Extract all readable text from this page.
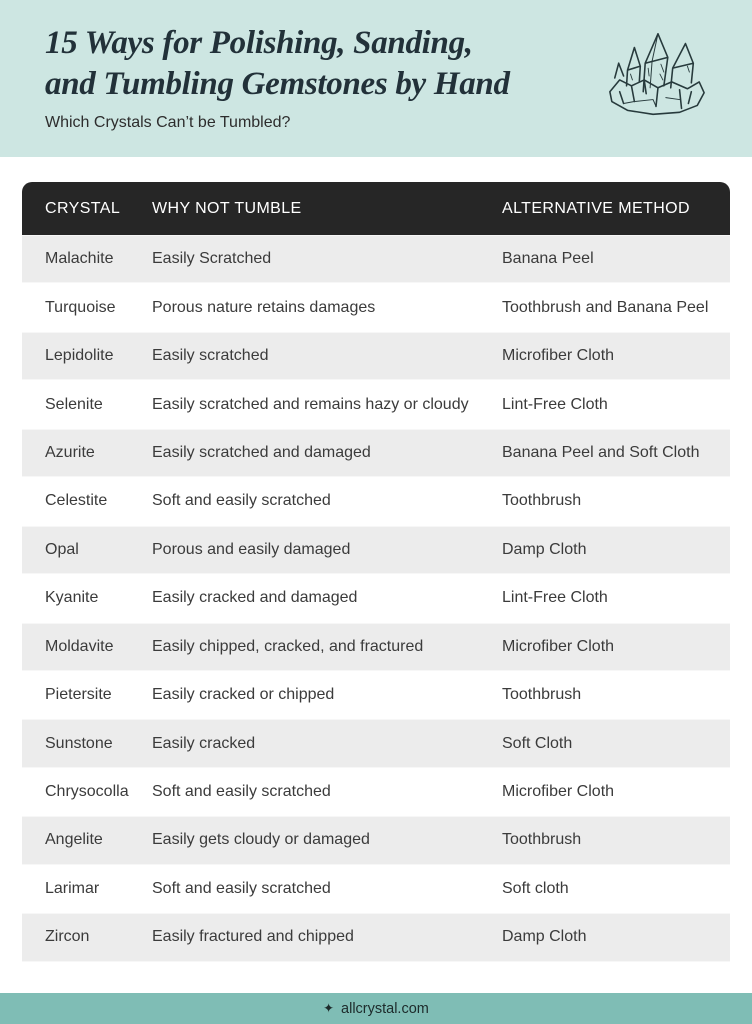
15 Ways for Polishing, Sanding,
and Tumbling Gemstones by Hand

Which Crystals Can’t be Tumbled?

CRYSTAL	WHY NOT TUMBLE	ALTERNATIVE METHOD
Malachite	Easily Scratched	Banana Peel
Turquoise	Porous nature retains damages	Toothbrush and Banana Peel
Lepidolite	Easily scratched	Microfiber Cloth
Selenite	Easily scratched and remains hazy or cloudy	Lint-Free Cloth
Azurite	Easily scratched and damaged	Banana Peel and Soft Cloth
Celestite	Soft and easily scratched	Toothbrush
Opal	Porous and easily damaged	Damp Cloth
Kyanite	Easily cracked and damaged	Lint-Free Cloth
Moldavite	Easily chipped, cracked, and fractured	Microfiber Cloth
Pietersite	Easily cracked or chipped	Toothbrush
Sunstone	Easily cracked	Soft Cloth
Chrysocolla	Soft and easily scratched	Microfiber Cloth
Angelite	Easily gets cloudy or damaged	Toothbrush
Larimar	Soft and easily scratched	Soft cloth
Zircon	Easily fractured and chipped	Damp Cloth
✦ allcrystal.com
